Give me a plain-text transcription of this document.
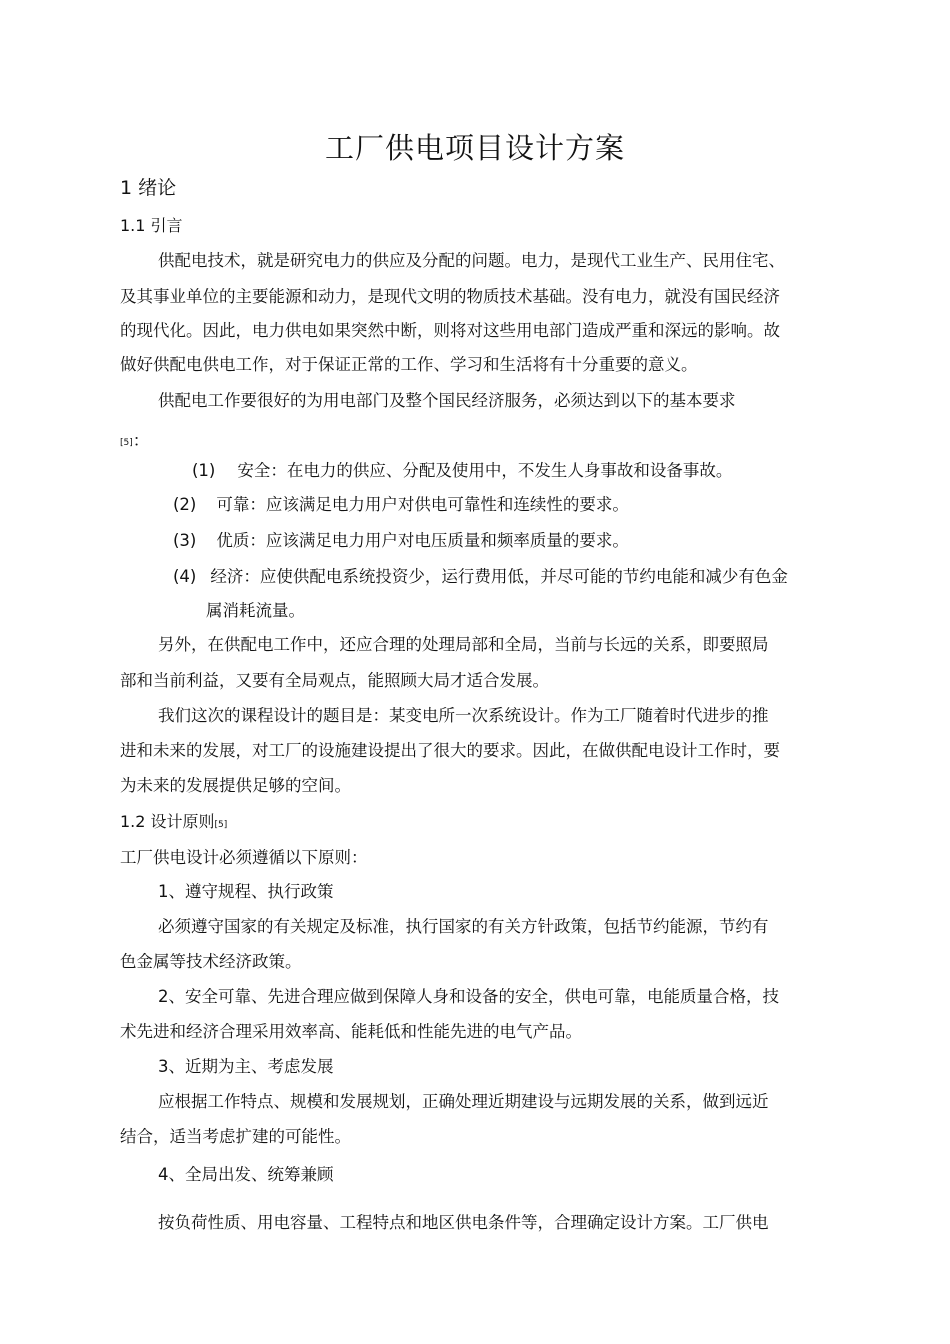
工厂供电项目设计方案
1 绪论
1.1 引言
供配电技术，就是研究电力的供应及分配的问题。电力，是现代工业生产、民用住宅、
及其事业单位的主要能源和动力，是现代文明的物质技术基础。没有电力，就没有国民经济
的现代化。因此，电力供电如果突然中断，则将对这些用电部门造成严重和深远的影响。故
做好供配电供电工作，对于保证正常的工作、学习和生活将有十分重要的意义。
供配电工作要很好的为用电部门及整个国民经济服务，必须达到以下的基本要求
[5]：
(1) 安全：在电力的供应、分配及使用中，不发生人身事故和设备事故。
(2) 可靠：应该满足电力用户对供电可靠性和连续性的要求。
(3) 优质：应该满足电力用户对电压质量和频率质量的要求。
(4) 经济：应使供配电系统投资少，运行费用低，并尽可能的节约电能和减少有色金
属消耗流量。
另外，在供配电工作中，还应合理的处理局部和全局，当前与长远的关系，即要照局
部和当前利益，又要有全局观点，能照顾大局才适合发展。
我们这次的课程设计的题目是：某变电所一次系统设计。作为工厂随着时代进步的推
进和未来的发展，对工厂的设施建设提出了很大的要求。因此，在做供配电设计工作时，要
为未来的发展提供足够的空间。
1.2 设计原则[5]
工厂供电设计必须遵循以下原则：
1、遵守规程、执行政策
必须遵守国家的有关规定及标准，执行国家的有关方针政策，包括节约能源，节约有
色金属等技术经济政策。
2、安全可靠、先进合理应做到保障人身和设备的安全，供电可靠，电能质量合格，技
术先进和经济合理采用效率高、能耗低和性能先进的电气产品。
3、近期为主、考虑发展
应根据工作特点、规模和发展规划，正确处理近期建设与远期发展的关系，做到远近
结合，适当考虑扩建的可能性。
4、全局出发、统筹兼顾
按负荷性质、用电容量、工程特点和地区供电条件等，合理确定设计方案。工厂供电
